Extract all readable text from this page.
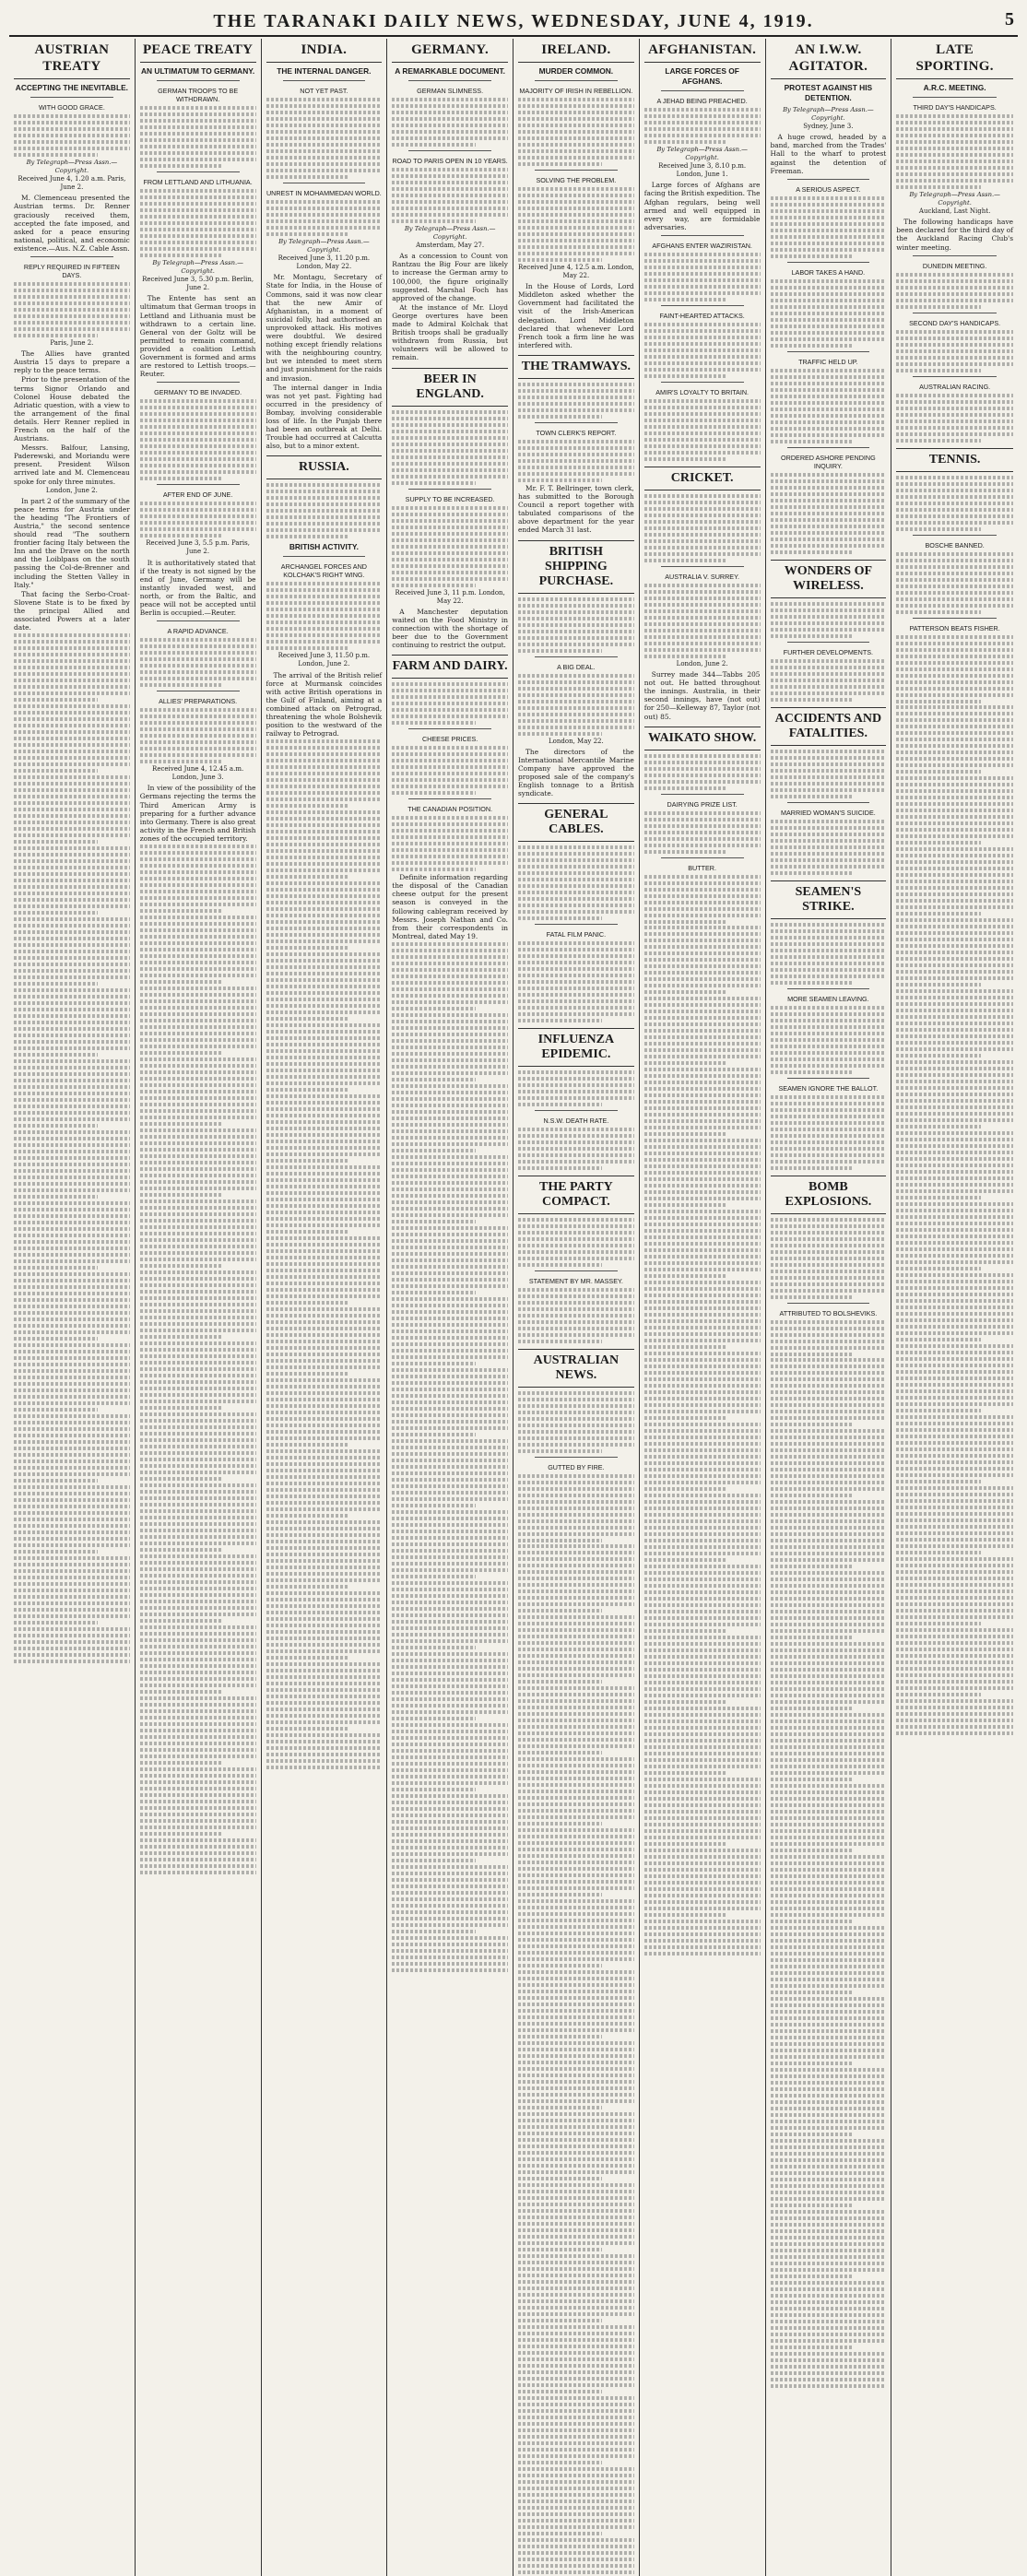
THE TARANAKI DAILY NEWS, WEDNESDAY, JUNE 4, 1919.	5
AUSTRIAN TREATY
ACCEPTING THE INEVITABLE.
WITH GOOD GRACE.
By Telegraph—Press Assn.—Copyright.
Received June 4, 1.20 a.m. Paris, June 2.

M. Clemenceau presented the Austrian terms. Dr. Renner graciously received them, accepted the fate imposed, and asked for a peace ensuring national, political, and economic existence.—Aus. N.Z. Cable Assn.

REPLY REQUIRED IN FIFTEEN DAYS.
Paris, June 2.

The Allies have granted Austria 15 days to prepare a reply to the peace terms.

Prior to the presentation of the terms Signor Orlando and Colonel House debated the Adriatic question, with a view to the arrangement of the final details. Herr Renner replied in French on the half of the Austrians.

Messrs. Balfour, Lansing, Paderewski, and Moriandu were present. President Wilson arrived late and M. Clemenceau spoke for only three minutes.

London, June 2.

In part 2 of the summary of the peace terms for Austria under the heading "The Frontiers of Austria," the second sentence should read "The southern frontier facing Italy between the Inn and the Drave on the north and the Loiblpass on the south passing the Col-de-Brenner and including the Stetten Valley in Italy."

That facing the Serbo-Croat-Slovene State is to be fixed by the principal Allied and associated Powers at a later date.

PEACE TREATY
AN ULTIMATUM TO GERMANY.
GERMAN TROOPS TO BE WITHDRAWN.
FROM LETTLAND AND LITHUANIA.
By Telegraph—Press Assn.—Copyright.
Received June 3, 5.30 p.m. Berlin, June 2.

The Entente has sent an ultimatum that German troops in Lettland and Lithuania must be withdrawn to a certain line. General von der Goltz will be permitted to remain command, provided a coalition Lettish Government is formed and arms are restored to Lettish troops.—Reuter.

GERMANY TO BE INVADED.
AFTER END OF JUNE.
Received June 3, 5.5 p.m. Paris, June 2.

It is authoritatively stated that if the treaty is not signed by the end of June, Germany will be instantly invaded west, and north, or from the Baltic, and peace will not be accepted until Berlin is occupied.—Reuter.

A RAPID ADVANCE.
ALLIES' PREPARATIONS.
Received June 4, 12.45 a.m. London, June 3.

In view of the possibility of the Germans rejecting the terms the Third American Army is preparing for a further advance into Germany. There is also great activity in the French and British zones of the occupied territory.

INDIA.
THE INTERNAL DANGER.
NOT YET PAST.
UNREST IN MOHAMMEDAN WORLD.
By Telegraph—Press Assn.—Copyright.
Received June 3, 11.20 p.m. London, May 22.

Mr. Montagu, Secretary of State for India, in the House of Commons, said it was now clear that the new Amir of Afghanistan, in a moment of suicidal folly, had authorised an unprovoked attack. His motives were doubtful. We desired nothing except friendly relations with the neighbouring country, but we intended to meet stern and just punishment for the raids and invasion.

The internal danger in India was not yet past. Fighting had occurred in the presidency of Bombay, involving considerable loss of life. In the Punjab there had been an outbreak at Delhi. Trouble had occurred at Calcutta also, but to a minor extent.

RUSSIA.
BRITISH ACTIVITY.
ARCHANGEL FORCES AND KOLCHAK'S RIGHT WING.
Received June 3, 11.50 p.m. London, June 2.

The arrival of the British relief force at Murmansk coincides with active British operations in the Gulf of Finland, aiming at a combined attack on Petrograd, threatening the whole Bolshevik position to the westward of the railway to Petrograd.

GERMANY.
A REMARKABLE DOCUMENT.
GERMAN SLIMNESS.
ROAD TO PARIS OPEN IN 10 YEARS.
By Telegraph—Press Assn.—Copyright.
Amsterdam, May 27.

As a concession to Count von Rantzau the Big Four are likely to increase the German army to 100,000, the figure originally suggested. Marshal Foch has approved of the change.

At the instance of Mr. Lloyd George overtures have been made to Admiral Kolchak that British troops shall be gradually withdrawn from Russia, but volunteers will be allowed to remain.

BEER IN ENGLAND.
SUPPLY TO BE INCREASED.
Received June 3, 11 p.m. London, May 22.

A Manchester deputation waited on the Food Ministry in connection with the shortage of beer due to the Government continuing to restrict the output.

FARM AND DAIRY.
CHEESE PRICES.
THE CANADIAN POSITION.

Definite information regarding the disposal of the Canadian cheese output for the present season is conveyed in the following cablegram received by Messrs. Joseph Nathan and Co. from their correspondents in Montreal, dated May 19.

IRELAND.
MURDER COMMON.
MAJORITY OF IRISH IN REBELLION.
SOLVING THE PROBLEM.
Received June 4, 12.5 a.m. London, May 22.

In the House of Lords, Lord Middleton asked whether the Government had facilitated the visit of the Irish-American delegation. Lord Middleton declared that whenever Lord French took a firm line he was interfered with.

THE TRAMWAYS.
TOWN CLERK'S REPORT.

Mr. F. T. Bellringer, town clerk, has submitted to the Borough Council a report together with tabulated comparisons of the above department for the year ended March 31 last.

BRITISH SHIPPING PURCHASE.
A BIG DEAL.
London, May 22.

The directors of the International Mercantile Marine Company have approved the proposed sale of the company's English tonnage to a British syndicate.

GENERAL CABLES.
FATAL FILM PANIC.
INFLUENZA EPIDEMIC.
N.S.W. DEATH RATE.
THE PARTY COMPACT.
STATEMENT BY MR. MASSEY.
AUSTRALIAN NEWS.
GUTTED BY FIRE.
AFGHANISTAN.
LARGE FORCES OF AFGHANS.
A JEHAD BEING PREACHED.
By Telegraph—Press Assn.—Copyright.
Received June 3, 8.10 p.m. London, June 1.

Large forces of Afghans are facing the British expedition. The Afghan regulars, being well armed and well equipped in every way, are formidable adversaries.

AFGHANS ENTER WAZIRISTAN.
FAINT-HEARTED ATTACKS.
AMIR'S LOYALTY TO BRITAIN.
CRICKET.
AUSTRALIA V. SURREY.
London, June 2.

Surrey made 344—Tabbs 205 not out. He batted throughout the innings. Australia, in their second innings, have (not out) for 250—Kelleway 87, Taylor (not out) 85.

WAIKATO SHOW.
DAIRYING PRIZE LIST.
BUTTER.
AN I.W.W. AGITATOR.
PROTEST AGAINST HIS DETENTION.
By Telegraph—Press Assn.—Copyright.
Sydney, June 3.

A huge crowd, headed by a band, marched from the Trades' Hall to the wharf to protest against the detention of Freeman.

A SERIOUS ASPECT.
LABOR TAKES A HAND.
TRAFFIC HELD UP.
ORDERED ASHORE PENDING INQUIRY.
WONDERS OF WIRELESS.
FURTHER DEVELOPMENTS.
ACCIDENTS AND FATALITIES.
MARRIED WOMAN'S SUICIDE.
SEAMEN'S STRIKE.
MORE SEAMEN LEAVING.
SEAMEN IGNORE THE BALLOT.
BOMB EXPLOSIONS.
ATTRIBUTED TO BOLSHEVIKS.
LATE SPORTING.
A.R.C. MEETING.
THIRD DAY'S HANDICAPS.
By Telegraph—Press Assn.—Copyright.
Auckland, Last Night.

The following handicaps have been declared for the third day of the Auckland Racing Club's winter meeting.

DUNEDIN MEETING.
SECOND DAY'S HANDICAPS.
AUSTRALIAN RACING.
TENNIS.
BOSCHE BANNED.
PATTERSON BEATS FISHER.
